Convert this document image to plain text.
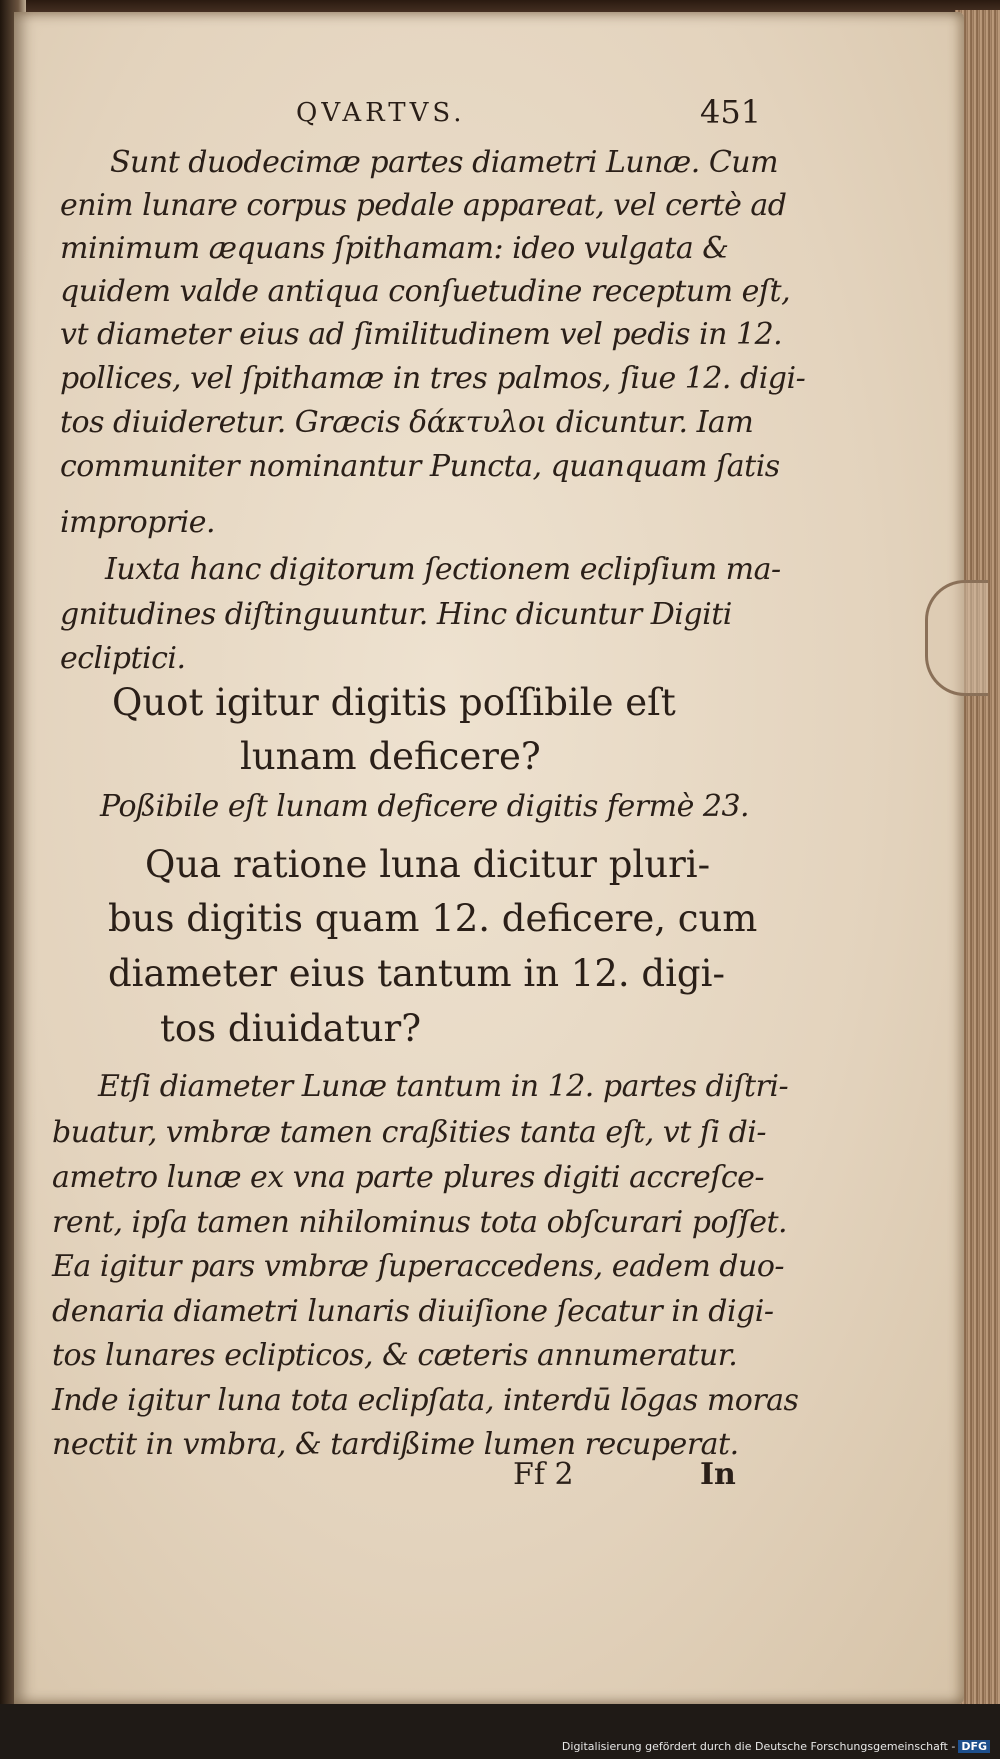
QVARTVS.	451
Sunt duodecimæ partes diametri Lunæ. Cum
enim lunare corpus pedale appareat, vel certè ad
minimum æquans ſpithamam: ideo vulgata &
quidem valde antiqua conſuetudine receptum eſt,
vt diameter eius ad ſimilitudinem vel pedis in 12.
pollices, vel ſpithamæ in tres palmos, ſiue 12. digi-
tos diuideretur. Græcis δάκτυλοι dicuntur. Iam
communiter nominantur Puncta, quanquam ſatis
improprie.
Iuxta hanc digitorum ſectionem eclipſium ma-
gnitudines diſtinguuntur. Hinc dicuntur Digiti
ecliptici.
Quot igitur digitis poſſibile eſt
lunam deficere?
Poßibile eſt lunam deficere digitis fermè 23.
Qua ratione luna dicitur pluri-
bus digitis quam 12. deficere, cum
diameter eius tantum in 12. digi-
tos diuidatur?
Etſi diameter Lunæ tantum in 12. partes diſtri-
buatur, vmbræ tamen craßities tanta eſt, vt ſi di-
ametro lunæ ex vna parte plures digiti accreſce-
rent, ipſa tamen nihilominus tota obſcurari poſſet.
Ea igitur pars vmbræ ſuperaccedens, eadem duo-
denaria diametri lunaris diuiſione ſecatur in digi-
tos lunares eclipticos, & cæteris annumeratur.
Inde igitur luna tota eclipſata, interdū lōgas moras
nectit in vmbra, & tardißime lumen recuperat.
Ff 2	In
Digitalisierung gefördert durch die Deutsche Forschungsgemeinschaft - DFG
